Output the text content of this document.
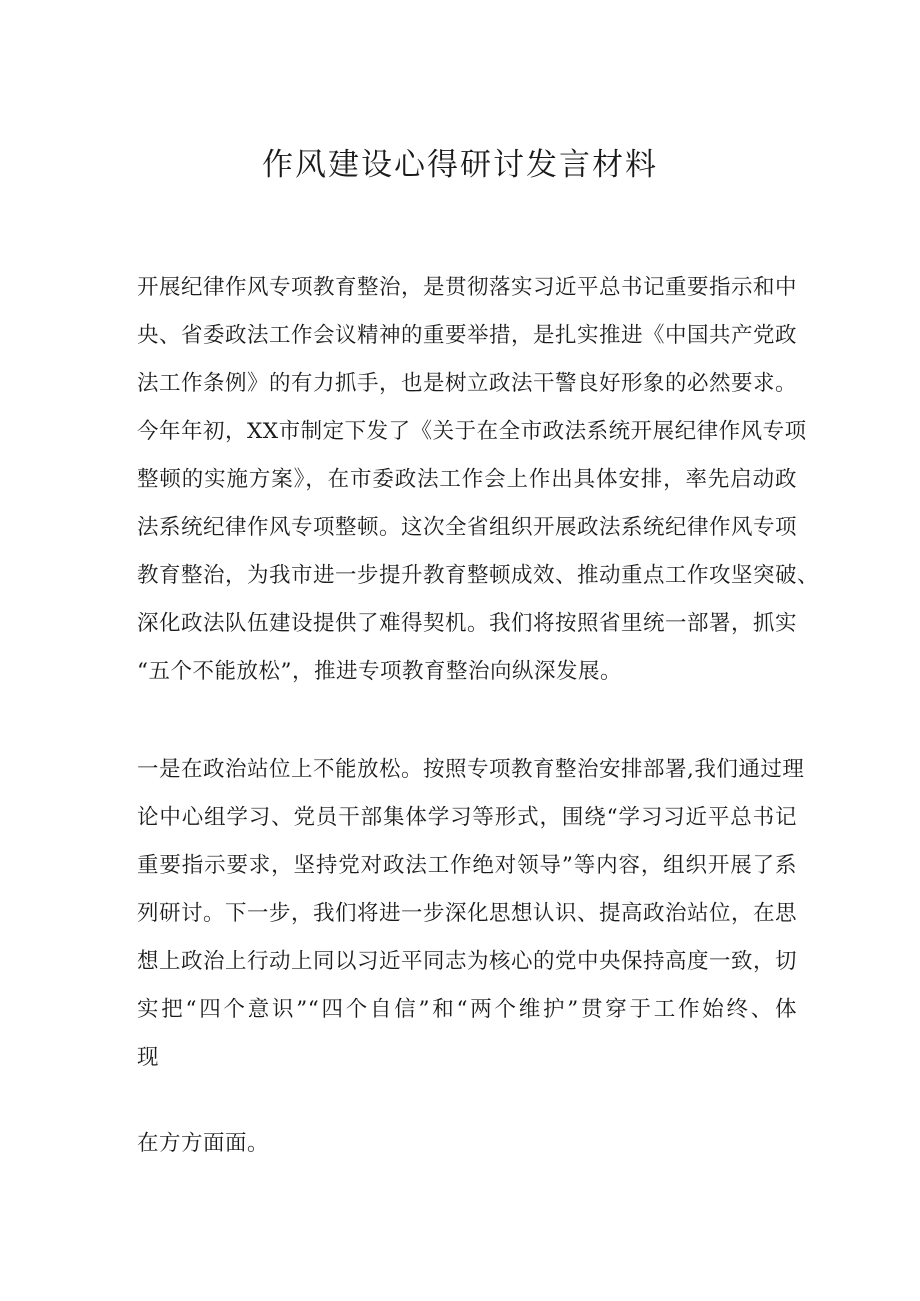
作风建设心得研讨发言材料
开展纪律作风专项教育整治，是贯彻落实习近平总书记重要指示和中
央、省委政法工作会议精神的重要举措，是扎实推进《中国共产党政
法工作条例》的有力抓手，也是树立政法干警良好形象的必然要求。
今年年初，XX市制定下发了《关于在全市政法系统开展纪律作风专项
整顿的实施方案》，在市委政法工作会上作出具体安排，率先启动政
法系统纪律作风专项整顿。这次全省组织开展政法系统纪律作风专项
教育整治，为我市进一步提升教育整顿成效、推动重点工作攻坚突破、
深化政法队伍建设提供了难得契机。我们将按照省里统一部署，抓实
“五个不能放松”，推进专项教育整治向纵深发展。
一是在政治站位上不能放松。按照专项教育整治安排部署,我们通过理
论中心组学习、党员干部集体学习等形式，围绕“学习习近平总书记
重要指示要求，坚持党对政法工作绝对领导”等内容，组织开展了系
列研讨。下一步，我们将进一步深化思想认识、提高政治站位，在思
想上政治上行动上同以习近平同志为核心的党中央保持高度一致，切
实把“四个意识”“四个自信”和“两个维护”贯穿于工作始终、体
现
在方方面面。
